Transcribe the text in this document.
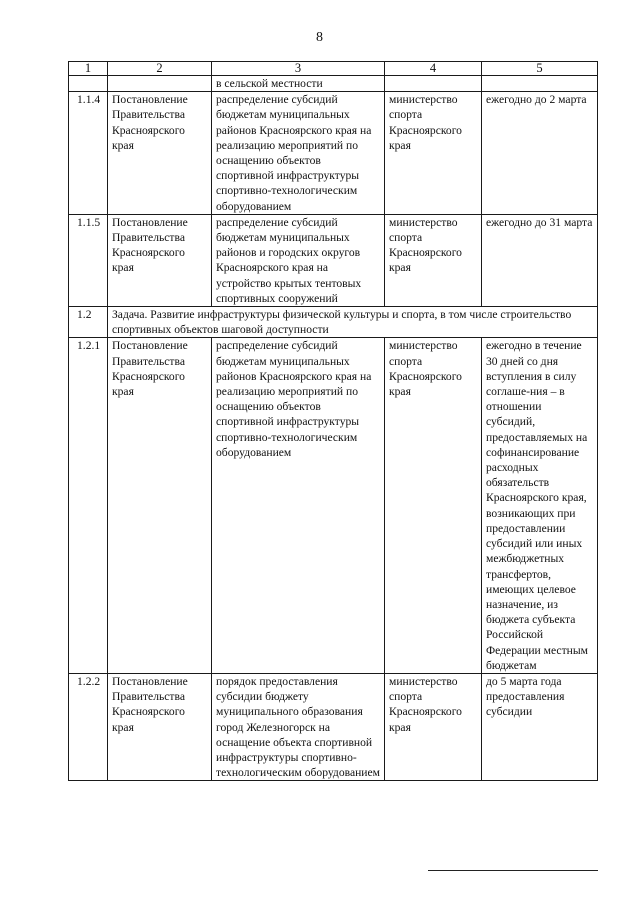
8
1	2	3	4	5
		в сельской местности		
1.1.4	Постановление Правительства Красноярского края	распределение субсидий бюджетам муниципальных районов Красноярского края на реализацию мероприятий по оснащению объектов спортивной инфраструктуры спортивно-технологическим оборудованием	министерство спорта Красноярского края	ежегодно до 2 марта
1.1.5	Постановление Правительства Красноярского края	распределение субсидий бюджетам муниципальных районов и городских округов Красноярского края на устройство крытых тентовых спортивных сооружений	министерство спорта Красноярского края	ежегодно до 31 марта
1.2	Задача. Развитие инфраструктуры физической культуры и спорта, в том числе строительство спортивных объектов шаговой доступности			
1.2.1	Постановление Правительства Красноярского края	распределение субсидий бюджетам муниципальных районов Красноярского края на реализацию мероприятий по оснащению объектов спортивной инфраструктуры спортивно-технологическим оборудованием	министерство спорта Красноярского края	ежегодно в течение 30 дней со дня вступления в силу соглаше-ния – в отношении субсидий, предоставляемых на софинансирование расходных обязательств Красноярского края, возникающих при предоставлении субсидий или иных межбюджетных трансфертов, имеющих целевое назначение, из бюджета субъекта Российской Федерации местным бюджетам
1.2.2	Постановление Правительства Красноярского края	порядок предоставления субсидии бюджету муниципального образования город Железногорск на оснащение объекта спортивной инфраструктуры спортивно-технологическим оборудованием	министерство спорта Красноярского края	до 5 марта года предоставления субсидии
